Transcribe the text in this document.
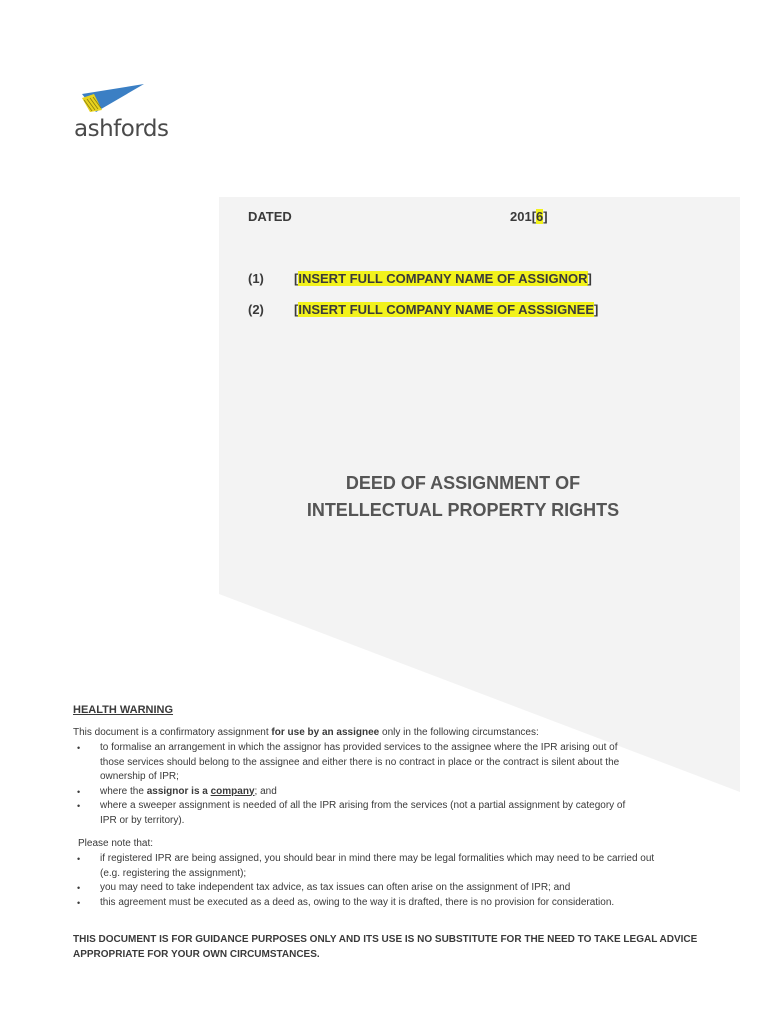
ashfords
DATED	201[6]
(1) [INSERT FULL COMPANY NAME OF ASSIGNOR]
(2) [INSERT FULL COMPANY NAME OF ASSSIGNEE]
DEED OF ASSIGNMENT OF
INTELLECTUAL PROPERTY RIGHTS
HEALTH WARNING
This document is a confirmatory assignment for use by an assignee only in the following circumstances:
• to formalise an arrangement in which the assignor has provided services to the assignee where the IPR arising out of those services should belong to the assignee and either there is no contract in place or the contract is silent about the ownership of IPR;
• where the assignor is a company; and
• where a sweeper assignment is needed of all the IPR arising from the services (not a partial assignment by category of IPR or by territory).
Please note that:
• if registered IPR are being assigned, you should bear in mind there may be legal formalities which may need to be carried out (e.g. registering the assignment);
• you may need to take independent tax advice, as tax issues can often arise on the assignment of IPR; and
• this agreement must be executed as a deed as, owing to the way it is drafted, there is no provision for consideration.
THIS DOCUMENT IS FOR GUIDANCE PURPOSES ONLY AND ITS USE IS NO SUBSTITUTE FOR THE NEED TO TAKE LEGAL ADVICE APPROPRIATE FOR YOUR OWN CIRCUMSTANCES.
